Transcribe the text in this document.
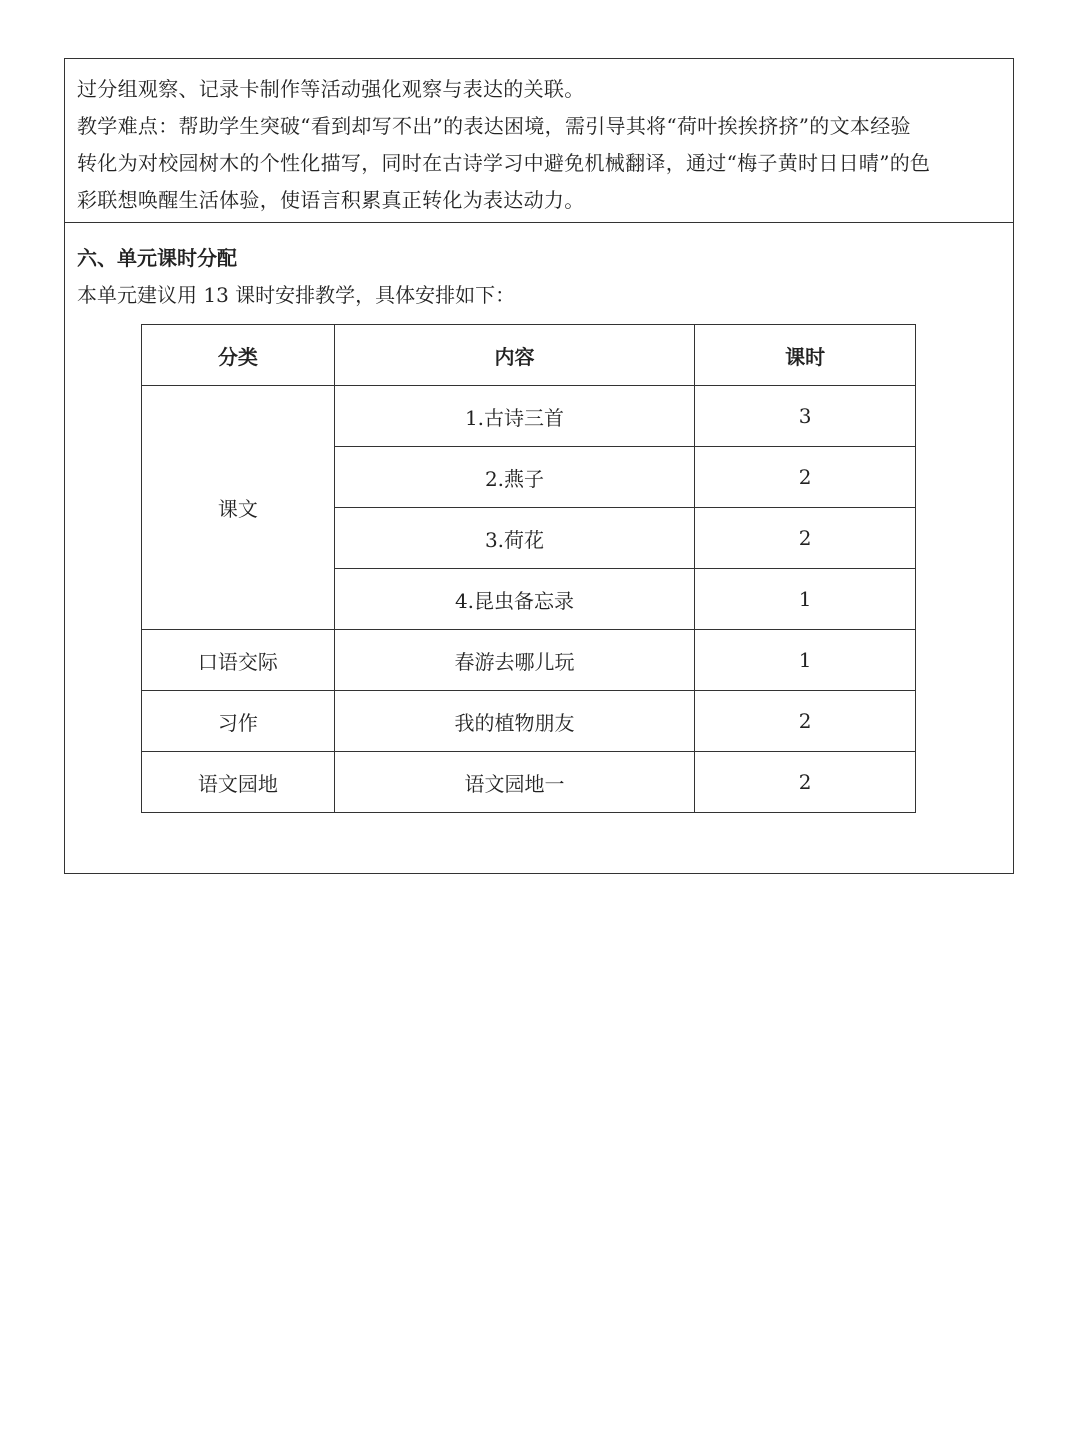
过分组观察、记录卡制作等活动强化观察与表达的关联。

教学难点：帮助学生突破“看到却写不出”的表达困境，需引导其将“荷叶挨挨挤挤”的文本经验

转化为对校园树木的个性化描写，同时在古诗学习中避免机械翻译，通过“梅子黄时日日晴”的色

彩联想唤醒生活体验，使语言积累真正转化为表达动力。

六、单元课时分配

本单元建议用 13 课时安排教学，具体安排如下：

分类	内容	课时
课文	1.古诗三首	3
	2.燕子	2
	3.荷花	2
	4.昆虫备忘录	1
口语交际	春游去哪儿玩	1
习作	我的植物朋友	2
语文园地	语文园地一	2
